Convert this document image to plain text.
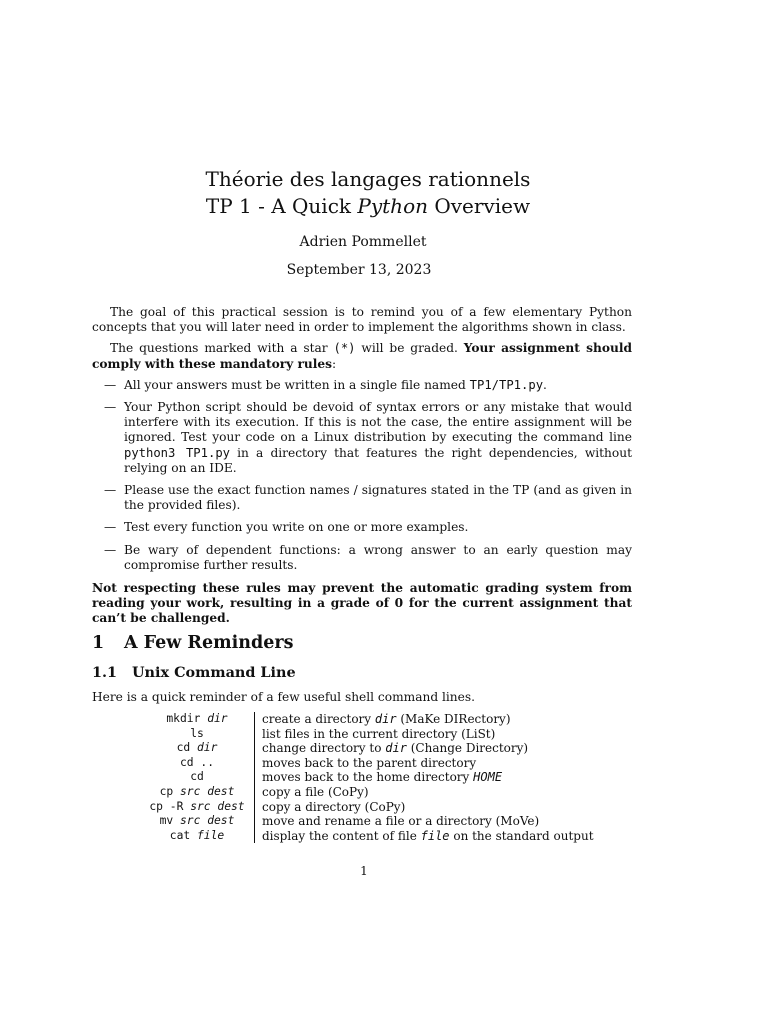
Théorie des langages rationnels
TP 1 - A Quick Python Overview
Adrien Pommellet
September 13, 2023

The goal of this practical session is to remind you of a few elementary Python concepts that you will later need in order to implement the algorithms shown in class.

The questions marked with a star (*) will be graded. Your assignment should comply with these mandatory rules:

— All your answers must be written in a single file named TP1/TP1.py.
— Your Python script should be devoid of syntax errors or any mistake that would interfere with its execution. If this is not the case, the entire assignment will be ignored. Test your code on a Linux distribution by executing the command line python3 TP1.py in a directory that features the right dependencies, without relying on an IDE.
— Please use the exact function names / signatures stated in the TP (and as given in the provided files).
— Test every function you write on one or more examples.
— Be wary of dependent functions: a wrong answer to an early question may compromise further results.

Not respecting these rules may prevent the automatic grading system from reading your work, resulting in a grade of 0 for the current assignment that can’t be challenged.

1 A Few Reminders
1.1 Unix Command Line
Here is a quick reminder of a few useful shell command lines.
mkdir dir	create a directory dir (MaKe DIRectory)
ls	list files in the current directory (LiSt)
cd dir	change directory to dir (Change Directory)
cd ..	moves back to the parent directory
cd	moves back to the home directory HOME
cp src dest	copy a file (CoPy)
cp -R src dest	copy a directory (CoPy)
mv src dest	move and rename a file or a directory (MoVe)
cat file	display the content of file file on the standard output
1
